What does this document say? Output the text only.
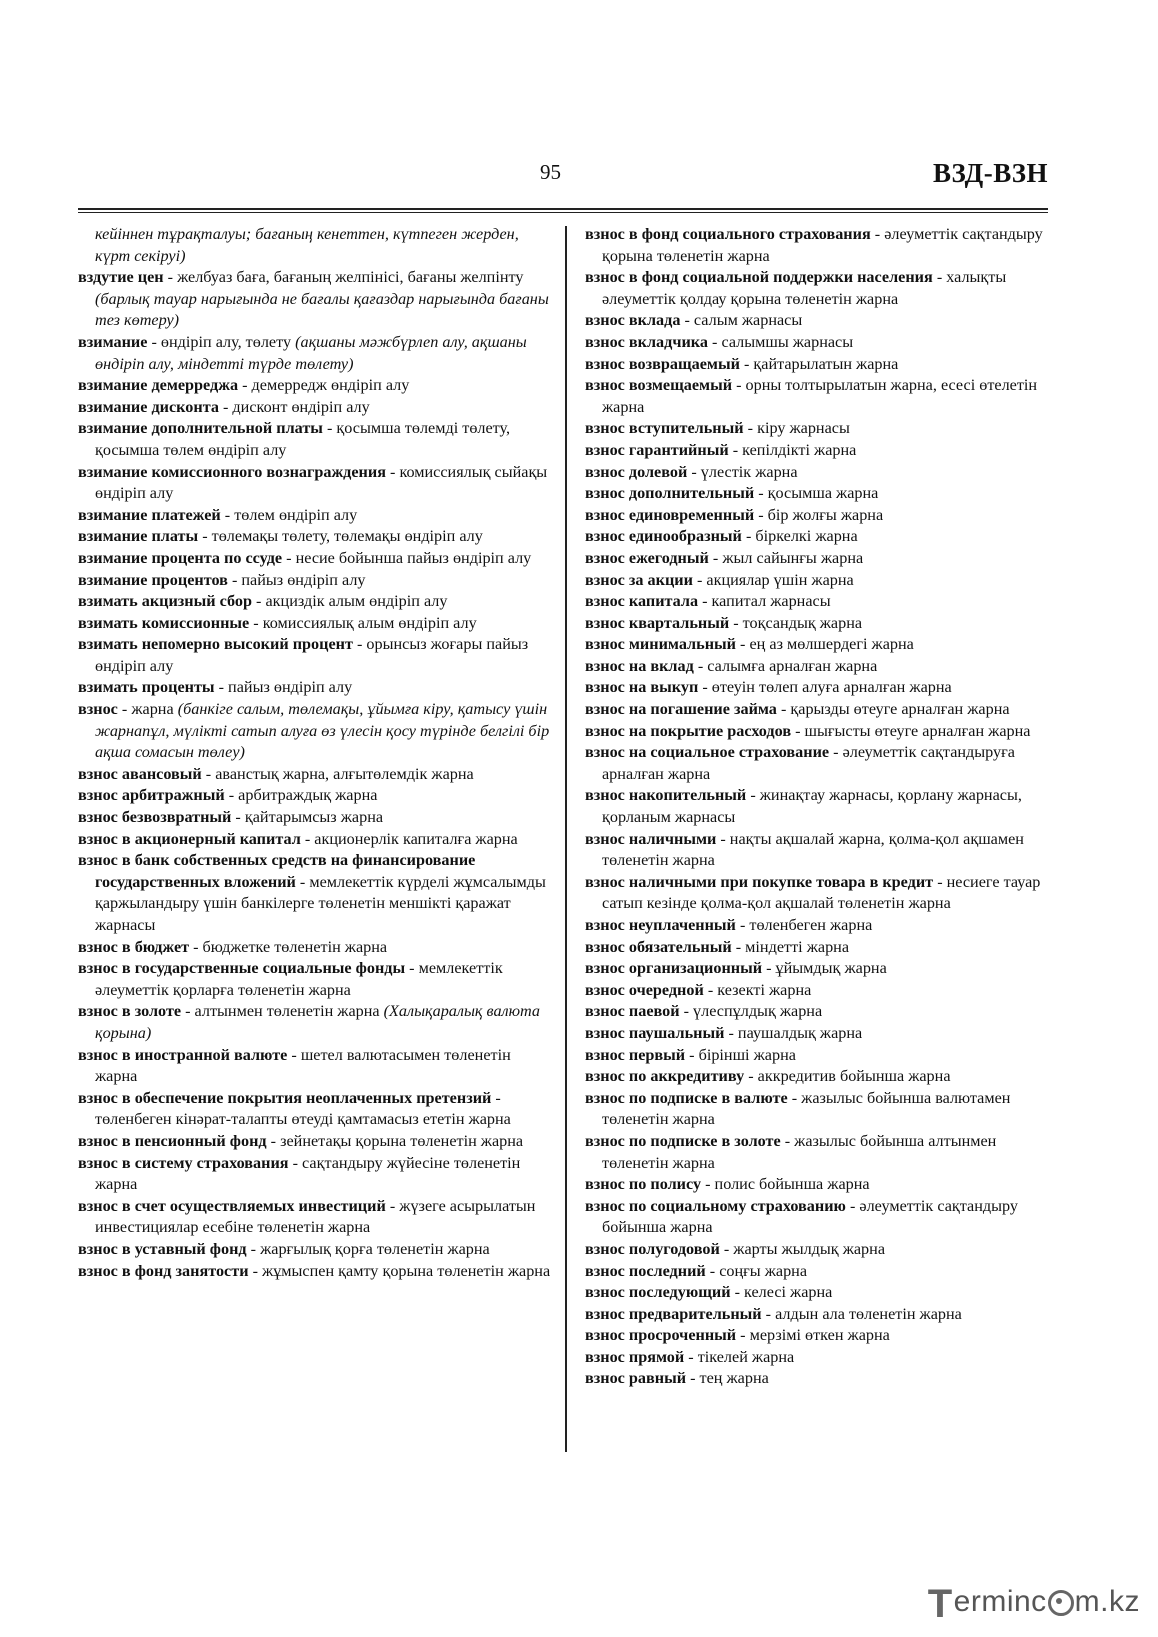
95	ВЗД-ВЗН
кейіннен тұрақталуы; бағаның кенеттен, күтпеген жерден, күрт секіруі)
вздутие цен - желбуаз баға, бағаның желпінісі, бағаны желпінту (барлық тауар нарығында не бағалы қағаздар нарығында бағаны тез көтеру)
взимание - өндіріп алу, төлету (ақшаны мәжбүрлеп алу, ақшаны өндіріп алу, міндетті түрде төлету)
взимание демерреджа - демерредж өндіріп алу
взимание дисконта - дисконт өндіріп алу
взимание дополнительной платы - қосымша төлемді төлету, қосымша төлем өндіріп алу
взимание комиссионного вознаграждения - комиссиялық сыйақы өндіріп алу
взимание платежей - төлем өндіріп алу
взимание платы - төлемақы төлету, төлемақы өндіріп алу
взимание процента по ссуде - несие бойынша пайыз өндіріп алу
взимание процентов - пайыз өндіріп алу
взимать акцизный сбор - акциздік алым өндіріп алу
взимать комиссионные - комиссиялық алым өндіріп алу
взимать непомерно высокий процент - орынсыз жоғары пайыз өндіріп алу
взимать проценты - пайыз өндіріп алу
взнос - жарна (банкіге салым, төлемақы, ұйымға кіру, қатысу үшін жарнапұл, мүлікті сатып алуға өз үлесін қосу түрінде белгілі бір ақша сомасын төлеу)
взнос авансовый - аванстық жарна, алғытөлемдік жарна
взнос арбитражный - арбитраждық жарна
взнос безвозвратный - қайтарымсыз жарна
взнос в акционерный капитал - акционерлік капиталға жарна
взнос в банк собственных средств на финансирование государственных вложений - мемлекеттік күрделі жұмсалымды қаржыландыру үшін банкілерге төленетін меншікті қаражат жарнасы
взнос в бюджет - бюджетке төленетін жарна
взнос в государственные социальные фонды - мемлекеттік әлеуметтік қорларға төленетін жарна
взнос в золоте - алтынмен төленетін жарна (Халықаралық валюта қорына)
взнос в иностранной валюте - шетел валютасымен төленетін жарна
взнос в обеспечение покрытия неоплаченных претензий - төленбеген кінәрат-талапты өтеуді қамтамасыз ететін жарна
взнос в пенсионный фонд - зейнетақы қорына төленетін жарна
взнос в систему страхования - сақтандыру жүйесіне төленетін жарна
взнос в счет осуществляемых инвестиций - жүзеге асырылатын инвестициялар есебіне төленетін жарна
взнос в уставный фонд - жарғылық қорға төленетін жарна
взнос в фонд занятости - жұмыспен қамту қорына төленетін жарна
взнос в фонд социального страхования - әлеуметтік сақтандыру қорына төленетін жарна
взнос в фонд социальной поддержки населения - халықты әлеуметтік қолдау қорына төленетін жарна
взнос вклада - салым жарнасы
взнос вкладчика - салымшы жарнасы
взнос возвращаемый - қайтарылатын жарна
взнос возмещаемый - орны толтырылатын жарна, есесі өтелетін жарна
взнос вступительный - кіру жарнасы
взнос гарантийный - кепілдікті жарна
взнос долевой - үлестік жарна
взнос дополнительный - қосымша жарна
взнос единовременный - бір жолғы жарна
взнос единообразный - біркелкі жарна
взнос ежегодный - жыл сайынғы жарна
взнос за акции - акциялар үшін жарна
взнос капитала - капитал жарнасы
взнос квартальный - тоқсандық жарна
взнос минимальный - ең аз мөлшердегі жарна
взнос на вклад - салымға арналған жарна
взнос на выкуп - өтеуін төлеп алуға арналған жарна
взнос на погашение займа - қарызды өтеуге арналған жарна
взнос на покрытие расходов - шығысты өтеуге арналған жарна
взнос на социальное страхование - әлеуметтік сақтандыруға арналған жарна
взнос накопительный - жинақтау жарнасы, қорлану жарнасы, қорланым жарнасы
взнос наличными - нақты ақшалай жарна, қолма-қол ақшамен төленетін жарна
взнос наличными при покупке товара в кредит - несиеге тауар сатып кезінде қолма-қол ақшалай төленетін жарна
взнос неуплаченный - төленбеген жарна
взнос обязательный - міндетті жарна
взнос организационный - ұйымдық жарна
взнос очередной - кезекті жарна
взнос паевой - үлеспұлдық жарна
взнос паушальный - паушалдық жарна
взнос первый - бірінші жарна
взнос по аккредитиву - аккредитив бойынша жарна
взнос по подписке в валюте - жазылыс бойынша валютамен төленетін жарна
взнос по подписке в золоте - жазылыс бойынша алтынмен төленетін жарна
взнос по полису - полис бойынша жарна
взнос по социальному страхованию - әлеуметтік сақтандыру бойынша жарна
взнос полугодовой - жарты жылдық жарна
взнос последний - соңғы жарна
взнос последующий - келесі жарна
взнос предварительный - алдын ала төленетін жарна
взнос просроченный - мерзімі өткен жарна
взнос прямой - тікелей жарна
взнос равный - тең жарна
T erminc m.kz
